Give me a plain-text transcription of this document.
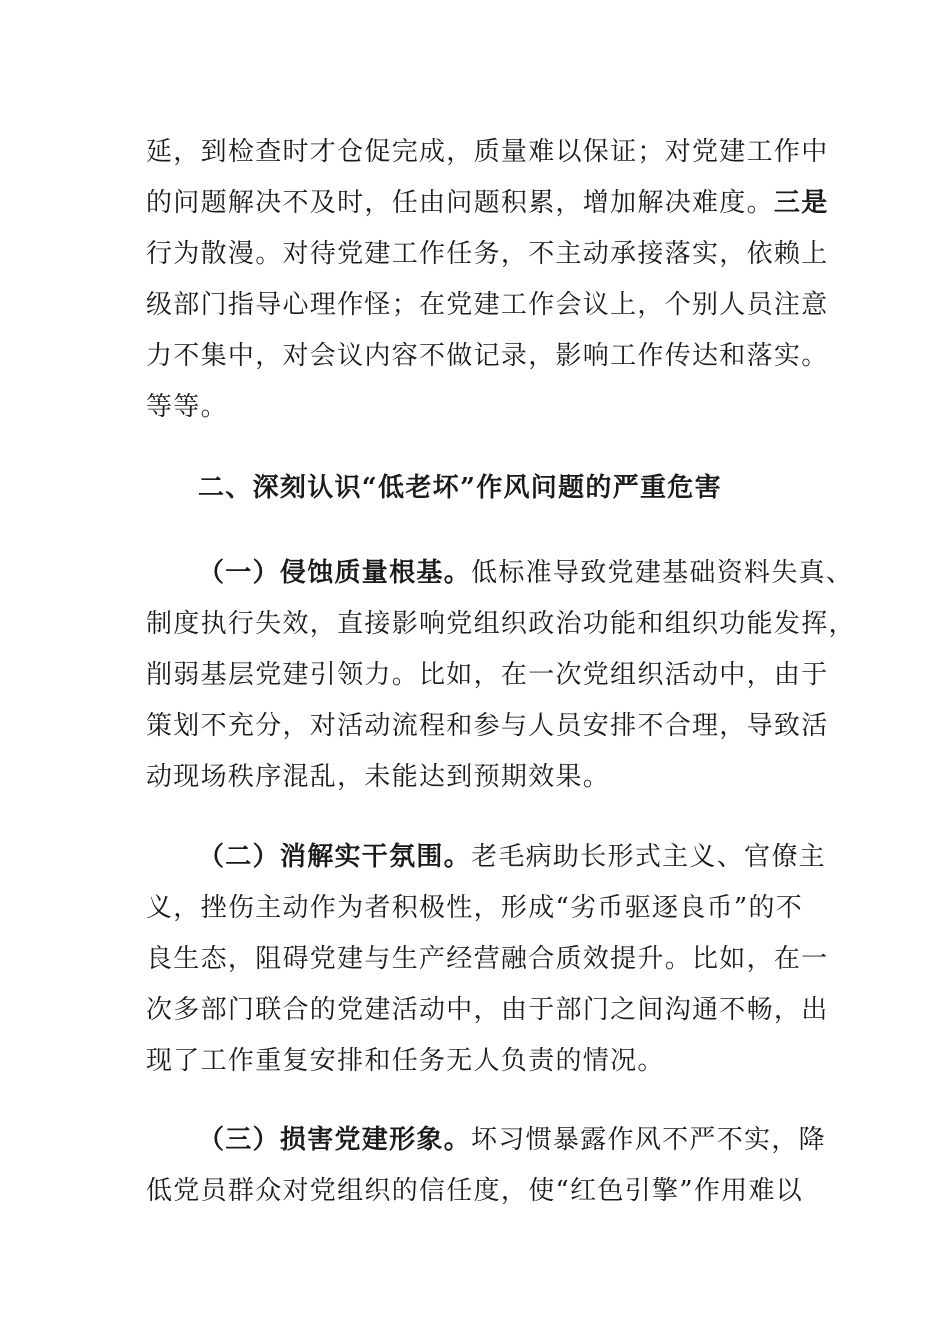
延，到检查时才仓促完成，质量难以保证；对党建工作中
的问题解决不及时，任由问题积累，增加解决难度。三是
行为散漫。对待党建工作任务，不主动承接落实，依赖上
级部门指导心理作怪；在党建工作会议上，个别人员注意
力不集中，对会议内容不做记录，影响工作传达和落实。
等等。
二、深刻认识“低老坏”作风问题的严重危害
（一）侵蚀质量根基。低标准导致党建基础资料失真、
制度执行失效，直接影响党组织政治功能和组织功能发挥，
削弱基层党建引领力。比如，在一次党组织活动中，由于
策划不充分，对活动流程和参与人员安排不合理，导致活
动现场秩序混乱，未能达到预期效果。
（二）消解实干氛围。老毛病助长形式主义、官僚主
义，挫伤主动作为者积极性，形成“劣币驱逐良币”的不
良生态，阻碍党建与生产经营融合质效提升。比如，在一
次多部门联合的党建活动中，由于部门之间沟通不畅，出
现了工作重复安排和任务无人负责的情况。
（三）损害党建形象。坏习惯暴露作风不严不实，降
低党员群众对党组织的信任度，使“红色引擎”作用难以
